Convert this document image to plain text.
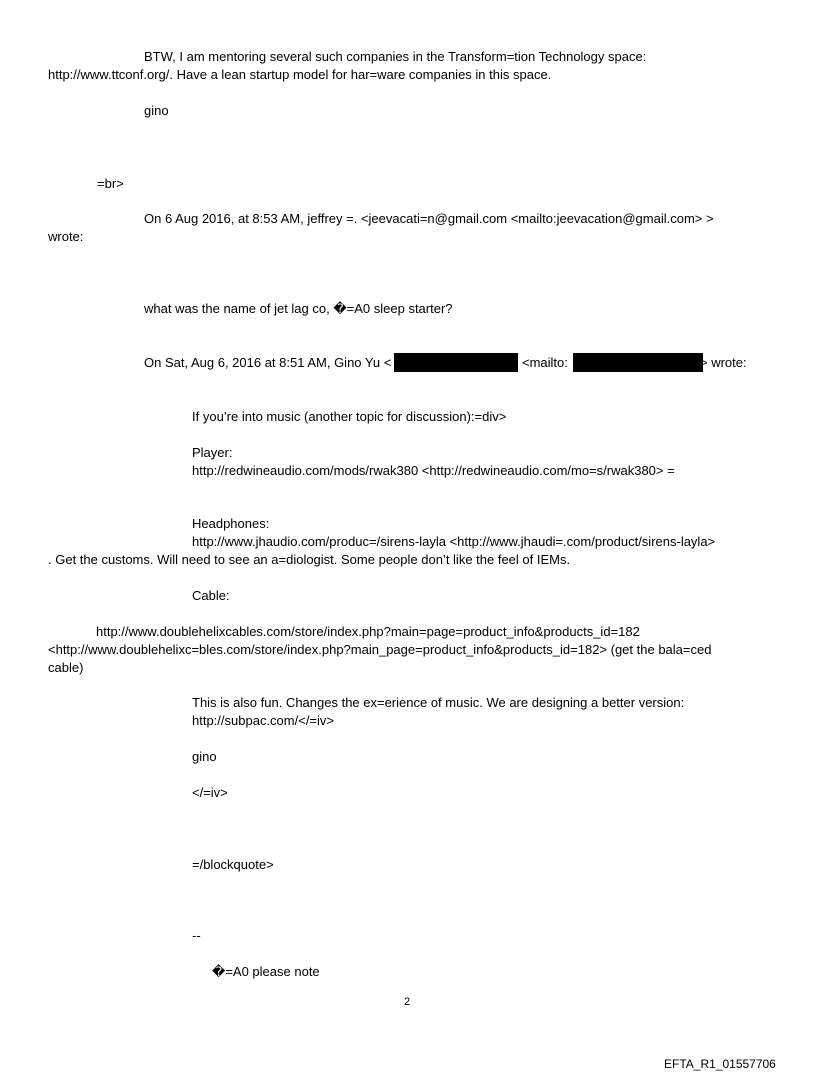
BTW, I am mentoring several such companies in the Transform=tion Technology space:

http://www.ttconf.org/. Have a lean startup model for har=ware companies in this space.

gino

=br>

On 6 Aug 2016, at 8:53 AM, jeffrey =. <jeevacati=n@gmail.com <mailto:jeevacation@gmail.com> >

wrote:

what was the name of jet lag co, �=A0 sleep starter?

On Sat, Aug 6, 2016 at 8:51 AM, Gino Yu <	<mailto:	> wrote:

If you’re into music (another topic for discussion):=div>

Player:

http://redwineaudio.com/mods/rwak380 <http://redwineaudio.com/mo=s/rwak380> =

Headphones:

http://www.jhaudio.com/produc=/sirens-layla <http://www.jhaudi=.com/product/sirens-layla>

. Get the customs. Will need to see an a=diologist. Some people don’t like the feel of IEMs.

Cable:

http://www.doublehelixcables.com/store/index.php?main=page=product_info&products_id=182

<http://www.doublehelixc=bles.com/store/index.php?main_page=product_info&products_id=182> (get the bala=ced

cable)

This is also fun. Changes the ex=erience of music. We are designing a better version:

http://subpac.com/</=iv>

gino

</=iv>

=/blockquote>

--

�=A0 please note

2
EFTA_R1_01557706
